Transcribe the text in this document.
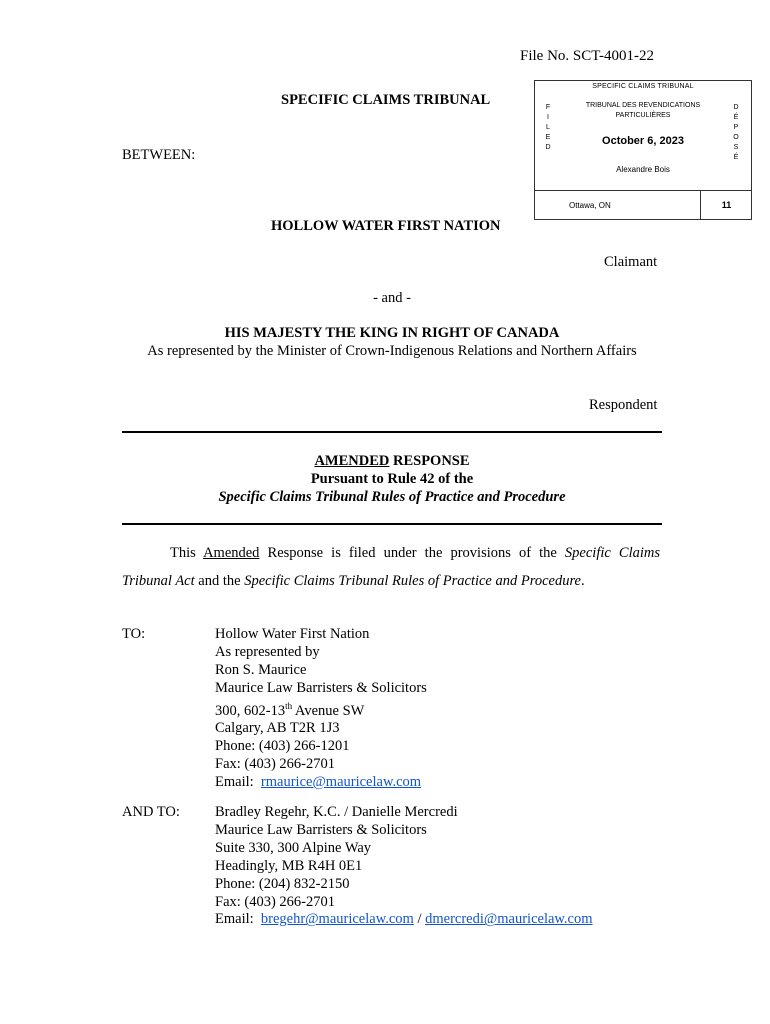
File No. SCT-4001-22
SPECIFIC CLAIMS TRIBUNAL
BETWEEN:
SPECIFIC CLAIMS TRIBUNAL
TRIBUNAL DES REVENDICATIONS PARTICULIÈRES
F
I
L
E
D
D
É
P
O
S
É
October 6, 2023
Alexandre Bois
Ottawa, ON	11
HOLLOW WATER FIRST NATION
Claimant
- and -
HIS MAJESTY THE KING IN RIGHT OF CANADA
As represented by the Minister of Crown-Indigenous Relations and Northern Affairs
Respondent
AMENDED RESPONSE
Pursuant to Rule 42 of the
Specific Claims Tribunal Rules of Practice and Procedure
This Amended Response is filed under the provisions of the Specific Claims
Tribunal Act and the Specific Claims Tribunal Rules of Practice and Procedure.
TO:	Hollow Water First Nation
As represented by
Ron S. Maurice
Maurice Law Barristers & Solicitors
300, 602-13th Avenue SW
Calgary, AB T2R 1J3
Phone: (403) 266-1201
Fax: (403) 266-2701
Email:  rmaurice@mauricelaw.com
AND TO: Bradley Regehr, K.C. / Danielle Mercredi
Maurice Law Barristers & Solicitors
Suite 330, 300 Alpine Way
Headingly, MB R4H 0E1
Phone: (204) 832-2150
Fax: (403) 266-2701
Email:  bregehr@mauricelaw.com / dmercredi@mauricelaw.com
